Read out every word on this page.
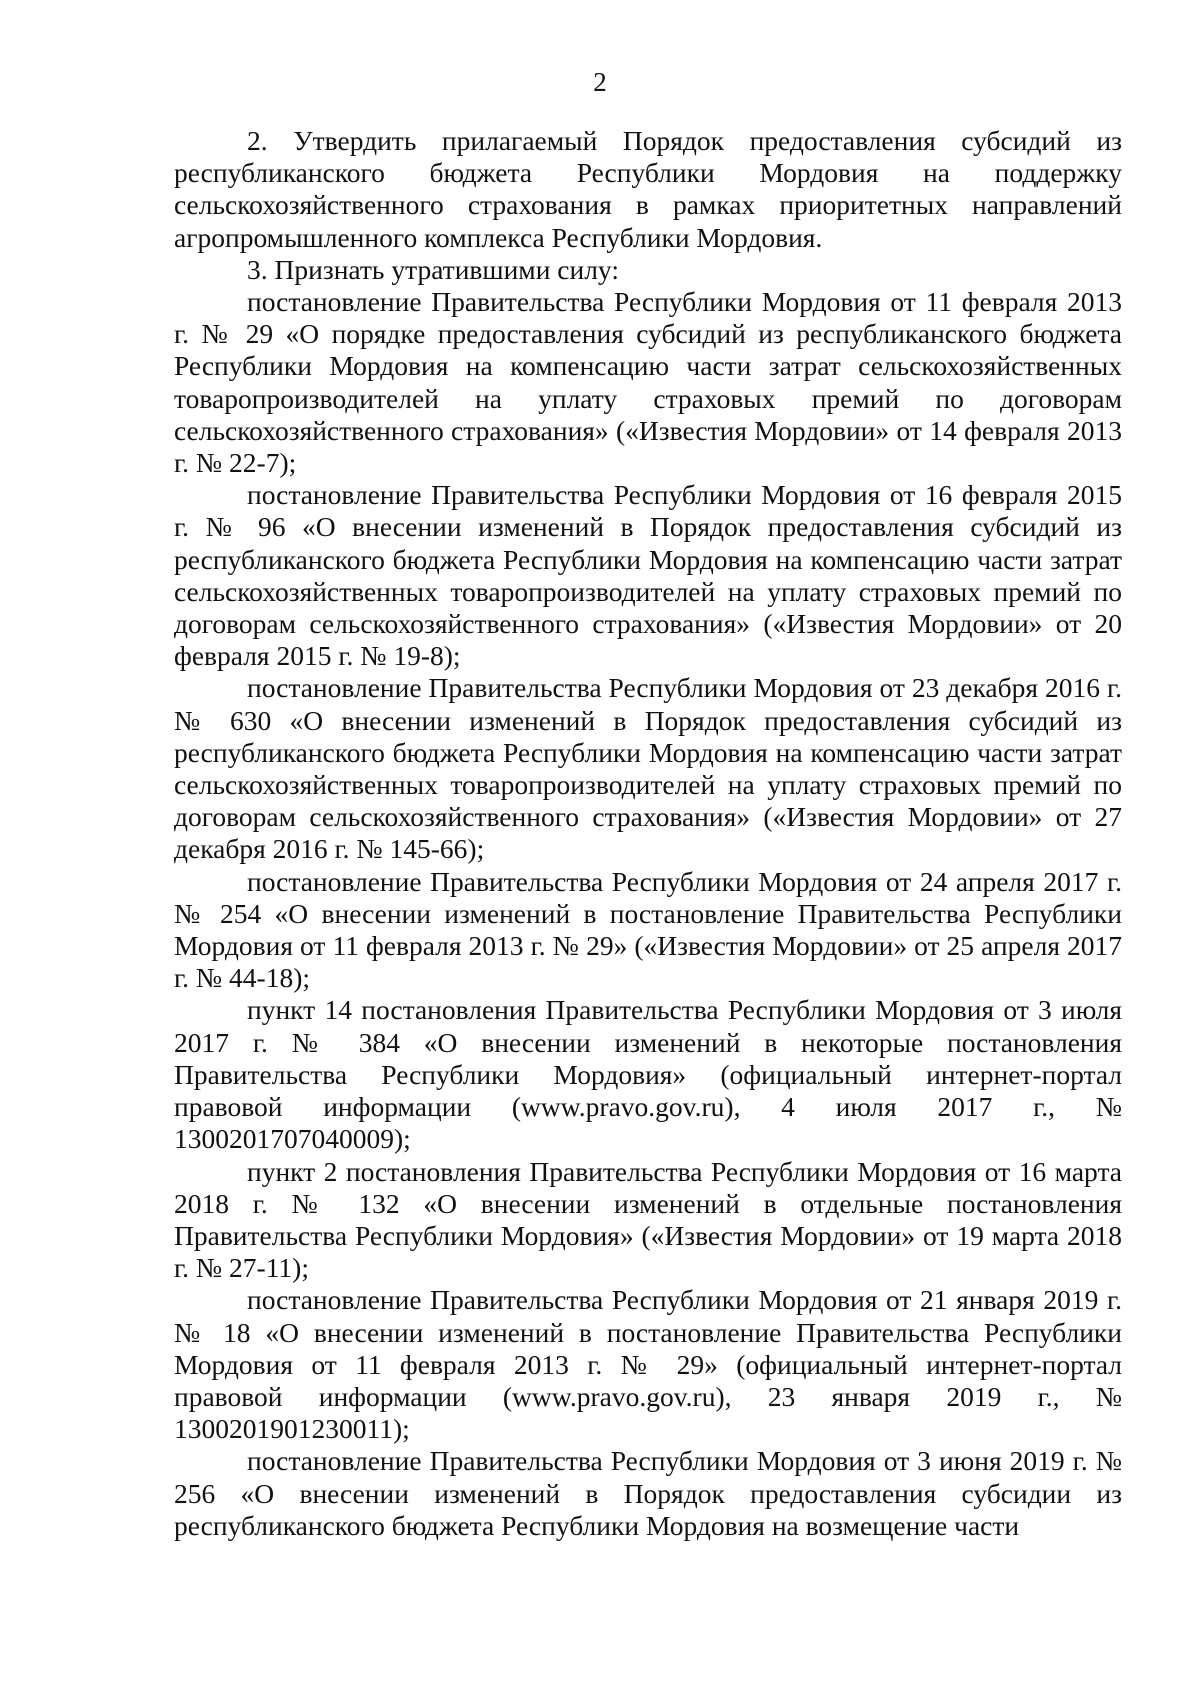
2

2. Утвердить прилагаемый Порядок предоставления субсидий из республиканского бюджета Республики Мордовия на поддержку сельскохозяйственного страхования в рамках приоритетных направлений агропромышленного комплекса Республики Мордовия.

3. Признать утратившими силу:

постановление Правительства Республики Мордовия от 11 февраля 2013 г. № 29 «О порядке предоставления субсидий из республиканского бюджета Республики Мордовия на компенсацию части затрат сельскохозяйственных товаропроизводителей на уплату страховых премий по договорам сельскохозяйственного страхования» («Известия Мордовии» от 14 февраля 2013 г. № 22-7);

постановление Правительства Республики Мордовия от 16 февраля 2015 г. № 96 «О внесении изменений в Порядок предоставления субсидий из республиканского бюджета Республики Мордовия на компенсацию части затрат сельскохозяйственных товаропроизводителей на уплату страховых премий по договорам сельскохозяйственного страхования» («Известия Мордовии» от 20 февраля 2015 г. № 19-8);

постановление Правительства Республики Мордовия от 23 декабря 2016 г. № 630 «О внесении изменений в Порядок предоставления субсидий из республиканского бюджета Республики Мордовия на компенсацию части затрат сельскохозяйственных товаропроизводителей на уплату страховых премий по договорам сельскохозяйственного страхования» («Известия Мордовии» от 27 декабря 2016 г. № 145-66);

постановление Правительства Республики Мордовия от 24 апреля 2017 г. № 254 «О внесении изменений в постановление Правительства Республики Мордовия от 11 февраля 2013 г. № 29» («Известия Мордовии» от 25 апреля 2017 г. № 44-18);

пункт 14 постановления Правительства Республики Мордовия от 3 июля 2017 г. № 384 «О внесении изменений в некоторые постановления Правительства Республики Мордовия» (официальный интернет-портал правовой информации (www.pravo.gov.ru), 4 июля 2017 г., № 1300201707040009);

пункт 2 постановления Правительства Республики Мордовия от 16 марта 2018 г. № 132 «О внесении изменений в отдельные постановления Правительства Республики Мордовия» («Известия Мордовии» от 19 марта 2018 г. № 27-11);

постановление Правительства Республики Мордовия от 21 января 2019 г. № 18 «О внесении изменений в постановление Правительства Республики Мордовия от 11 февраля 2013 г. № 29» (официальный интернет-портал правовой информации (www.pravo.gov.ru), 23 января 2019 г., № 1300201901230011);

постановление Правительства Республики Мордовия от 3 июня 2019 г. № 256 «О внесении изменений в Порядок предоставления субсидии из республиканского бюджета Республики Мордовия на возмещение части
